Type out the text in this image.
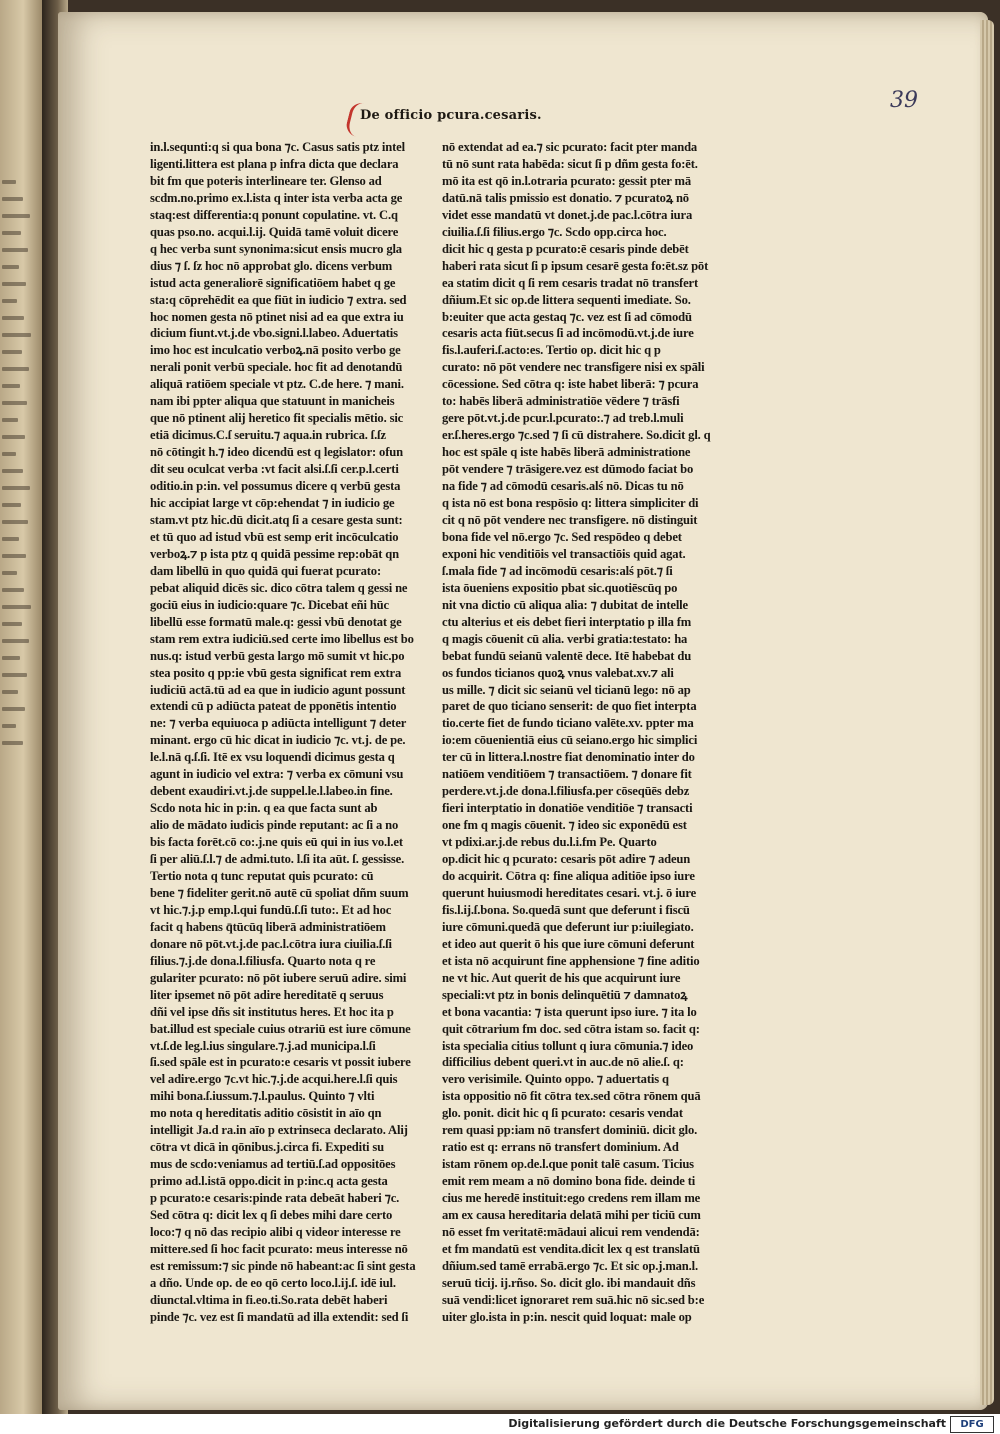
39
De officio pcura.cesaris.
in.l.sequnti:q si qua bona ⁊c. Casus satis ptz intel
ligenti.littera est plana p infra dicta que declara
bit fm que poteris interlineare ter. Glenso ad
scdm.no.primo ex.l.ista q inter ista verba acta ge
staq:est differentia:q ponunt copulatine. vt. C.q
quas pso.no. acqui.l.ij. Quidā tamē voluit dicere
q hec verba sunt synonima:sicut ensis mucro gla
dius ⁊ ſ. ſz hoc nō approbat glo. dicens verbum
istud acta generaliorē significatiōem habet q ge
sta:q cōprehēdit ea que fiūt in iudicio ⁊ extra. sed
hoc nomen gesta nō ptinet nisi ad ea que extra iu
dicium fiunt.vt.j.de vbo.signi.l.labeo. Aduertatis
imo hoc est inculcatio verboꝝ.nā posito verbo ge
nerali ponit verbū speciale. hoc fit ad denotandū
aliquā ratiōem speciale vt ptz. C.de here. ⁊ mani.
nam ibi ppter aliqua que statuunt in manicheis
que nō ptinent alij heretico fit specialis mētio. sic
etiā dicimus.C.ſ seruitu.⁊ aqua.in rubrica. ſ.ſz
nō cōtingit h.⁊ ideo dicendū est q legislator: ofun
dit seu oculcat verba :vt facit alsi.ſ.ſi cer.p.l.certi
oditio.in p:in. vel possumus dicere q verbū gesta
hic accipiat large vt cōp:ehendat ⁊ in iudicio ge
stam.vt ptz hic.dū dicit.atq ſi a cesare gesta sunt:
et tū quo ad istud vbū est semp erit incōculcatio
verboꝝ.⁊ p ista ptz q quidā pessime rep:obāt qn
dam libellū in quo quidā qui fuerat pcurato:
pebat aliquid dicēs sic. dico cōtra talem q gessi ne
gociū eius in iudicio:quare ⁊c. Dicebat eñi hūc
libellū esse formatū male.q: gessi vbū denotat ge
stam rem extra iudiciū.sed certe imo libellus est bo
nus.q: istud verbū gesta largo mō sumit vt hic.po
stea posito q pp:ie vbū gesta significat rem extra
iudiciū actā.tū ad ea que in iudicio agunt possunt
extendi cū p adiūcta pateat de pponētis intentio
ne: ⁊ verba equiuoca p adiūcta intelligunt ⁊ deter
minant. ergo cū hic dicat in iudicio ⁊c. vt.j. de pe.
le.l.nā q.ſ.ſi. Itē ex vsu loquendi dicimus gesta q
agunt in iudicio vel extra: ⁊ verba ex cōmuni vsu
debent exaudiri.vt.j.de suppel.le.l.labeo.in fine.
Scdo nota hic in p:in. q ea que facta sunt ab
alio de mādato iudicis pinde reputant: ac ſi a no
bis facta forēt.cō co:.j.ne quis eū qui in ius vo.l.et
ſi per aliū.ſ.l.⁊ de admi.tuto. l.ſi ita aūt. ſ. gessisse.
Tertio nota q tunc reputat quis pcurato: cū
bene ⁊ fideliter gerit.nō autē cū spoliat dñm suum
vt hic.⁊.j.p emp.l.qui fundū.ſ.ſi tuto:. Et ad hoc
facit q habens q̄tūcūq liberā administratiōem
donare nō pōt.vt.j.de pac.l.cōtra iura ciuilia.ſ.ſi
filius.⁊.j.de dona.l.filiusfa. Quarto nota q re
gulariter pcurato: nō pōt iubere seruū adire. simi
liter ipsemet nō pōt adire hereditatē q seruus
dñi vel ipse dñs sit institutus heres. Et hoc ita p
bat.illud est speciale cuius otrariū est iure cōmune
vt.ſ.de leg.l.ius singulare.⁊.j.ad municipa.l.ſi
ſi.sed spāle est in pcurato:e cesaris vt possit iubere
vel adire.ergo ⁊c.vt hic.⁊.j.de acqui.here.l.ſi quis
mihi bona.ſ.iussum.⁊.l.paulus. Quinto ⁊ vlti
mo nota q hereditatis aditio cōsistit in aīo qn
intelligit Ja.d ra.in aīo p extrinseca declarato. Alij
cōtra vt dicā in qōnibus.j.circa fi. Expediti su
mus de scdo:veniamus ad tertiū.ſ.ad oppositōes
primo ad.l.istā oppo.dicit in p:inc.q acta gesta
p pcurato:e cesaris:pinde rata debeāt haberi ⁊c.
Sed cōtra q: dicit lex q ſi debes mihi dare certo
loco:⁊ q nō das recipio alibi q videor interesse re
mittere.sed ſi hoc facit pcurato: meus interesse nō
est remissum:⁊ sic pinde nō habeant:ac ſi sint gesta
a dño. Unde op. de eo qō certo loco.l.ij.ſ. idē iul.
diunctal.vltima in fi.eo.ti.So.rata debēt haberi
pinde ⁊c. vez est ſi mandatū ad illa extendit: sed ſi
nō extendat ad ea.⁊ sic pcurato: facit pter manda
tū nō sunt rata habēda: sicut ſi p dñm gesta fo:ēt.
mō ita est qō in.l.otraria pcurato: gessit pter mā
datū.nā talis pmissio est donatio. ⁊ pcuratoꝝ nō
videt esse mandatū vt donet.j.de pac.l.cōtra iura
ciuilia.ſ.ſi filius.ergo ⁊c. Scdo opp.circa hoc.
dicit hic q gesta p pcurato:ē cesaris pinde debēt
haberi rata sicut ſi p ipsum cesarē gesta fo:ēt.sz pōt
ea statim dicit q ſi rem cesaris tradat nō transfert
dñium.Et sic op.de littera sequenti imediate. So.
b:euiter que acta gestaq ⁊c. vez est ſi ad cōmodū
cesaris acta fiūt.secus ſi ad incōmodū.vt.j.de iure
fis.l.auferi.ſ.acto:es. Tertio op. dicit hic q p
curato: nō pōt vendere nec transfigere nisi ex spāli
cōcessione. Sed cōtra q: iste habet liberā: ⁊ pcura
to: habēs liberā administratiōe vēdere ⁊ trāsfi
gere pōt.vt.j.de pcur.l.pcurato:.⁊ ad treb.l.muli
er.ſ.heres.ergo ⁊c.sed ⁊ ſi cū distrahere. So.dicit gl. q
hoc est spāle q iste habēs liberā administratione
pōt vendere ⁊ trāsigere.vez est dūmodo faciat bo
na fide ⁊ ad cōmodū cesaris.alś nō. Dicas tu nō
q ista nō est bona respōsio q: littera simpliciter di
cit q nō pōt vendere nec transfigere. nō distinguit
bona fide vel nō.ergo ⁊c. Sed respōdeo q debet
exponi hic venditiōis vel transactiōis quid agat.
ſ.mala fide ⁊ ad incōmodū cesaris:alś pōt.⁊ ſi
ista ōueniens expositio pbat sic.quotiēscūq po
nit vna dictio cū aliqua alia: ⁊ dubitat de intelle
ctu alterius et eis debet fieri interptatio p illa fm
q magis cōuenit cū alia. verbi gratia:testato: ha
bebat fundū seianū valentē dece. Itē habebat du
os fundos ticianos quoꝝ vnus valebat.xv.⁊ ali
us mille. ⁊ dicit sic seianū vel ticianū lego: nō ap
paret de quo ticiano senserit: de quo fiet interpta
tio.certe fiet de fundo ticiano valēte.xv. ppter ma
io:em cōuenientiā eius cū seiano.ergo hic simplici
ter cū in littera.l.nostre fiat denominatio inter do
natiōem venditiōem ⁊ transactiōem. ⁊ donare fit
perdere.vt.j.de dona.l.filiusfa.per cōseqūēs debz
fieri interptatio in donatiōe venditiōe ⁊ transacti
one fm q magis cōuenit. ⁊ ideo sic exponēdū est
vt pdixi.ar.j.de rebus du.l.i.fm Pe. Quarto
op.dicit hic q pcurato: cesaris pōt adire ⁊ adeun
do acquirit. Cōtra q: fine aliqua aditiōe ipso iure
querunt huiusmodi hereditates cesari. vt.j. ō iure
fis.l.ij.ſ.bona. So.quedā sunt que deferunt i fiscū
iure cōmuni.quedā que deferunt iur p:iuilegiato.
et ideo aut querit ō his que iure cōmuni deferunt
et ista nō acquirunt fine apphensione ⁊ fine aditio
ne vt hic. Aut querit de his que acquirunt iure
speciali:vt ptz in bonis delinquētiū ⁊ damnatoꝝ
et bona vacantia: ⁊ ista querunt ipso iure. ⁊ ita lo
quit cōtrarium fm doc. sed cōtra istam so. facit q:
ista specialia citius tollunt q iura cōmunia.⁊ ideo
difficilius debent queri.vt in auc.de nō alie.ſ. q:
vero verisimile. Quinto oppo. ⁊ aduertatis q
ista oppositio nō fit cōtra tex.sed cōtra rōnem quā
glo. ponit. dicit hic q ſi pcurato: cesaris vendat
rem quasi pp:iam nō transfert dominiū. dicit glo.
ratio est q: errans nō transfert dominium. Ad
istam rōnem op.de.l.que ponit talē casum. Ticius
emit rem meam a nō domino bona fide. deinde ti
cius me heredē instituit:ego credens rem illam me
am ex causa hereditaria delatā mihi per ticiū cum
nō esset fm veritatē:mādaui alicui rem vendendā:
et fm mandatū est vendita.dicit lex q est translatū
dñium.sed tamē errabā.ergo ⁊c. Et sic op.j.man.l.
seruū ticij. ij.rñso. So. dicit glo. ibi mandauit dñs
suā vendi:licet ignoraret rem suā.hic nō sic.sed b:e
uiter glo.ista in p:in. nescit quid loquat: male op
Digitalisierung gefördert durch die Deutsche Forschungsgemeinschaft	DFG
